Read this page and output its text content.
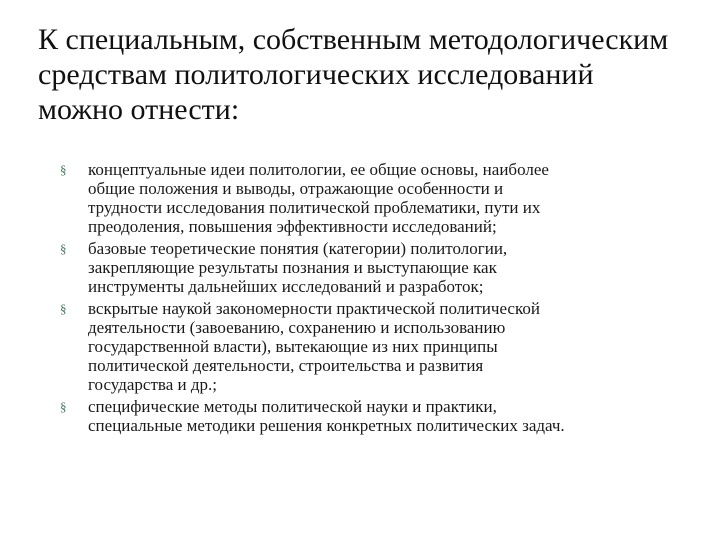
К специальным, собственным методологическим
средствам политологических исследований
можно отнести:
§ концептуальные идеи политологии, ее общие основы, наиболее
общие положения и выводы, отражающие особенности и
трудности исследования политической проблематики, пути их
преодоления, повышения эффективности исследований;
§ базовые теоретические понятия (категории) политологии,
закрепляющие результаты познания и выступающие как
инструменты дальнейших исследований и разработок;
§ вскрытые наукой закономерности практической политической
деятельности (завоеванию, сохранению и использованию
государственной власти), вытекающие из них принципы
политической деятельности, строительства и развития
государства и др.;
§ специфические методы политической науки и практики,
специальные методики решения конкретных политических задач.
